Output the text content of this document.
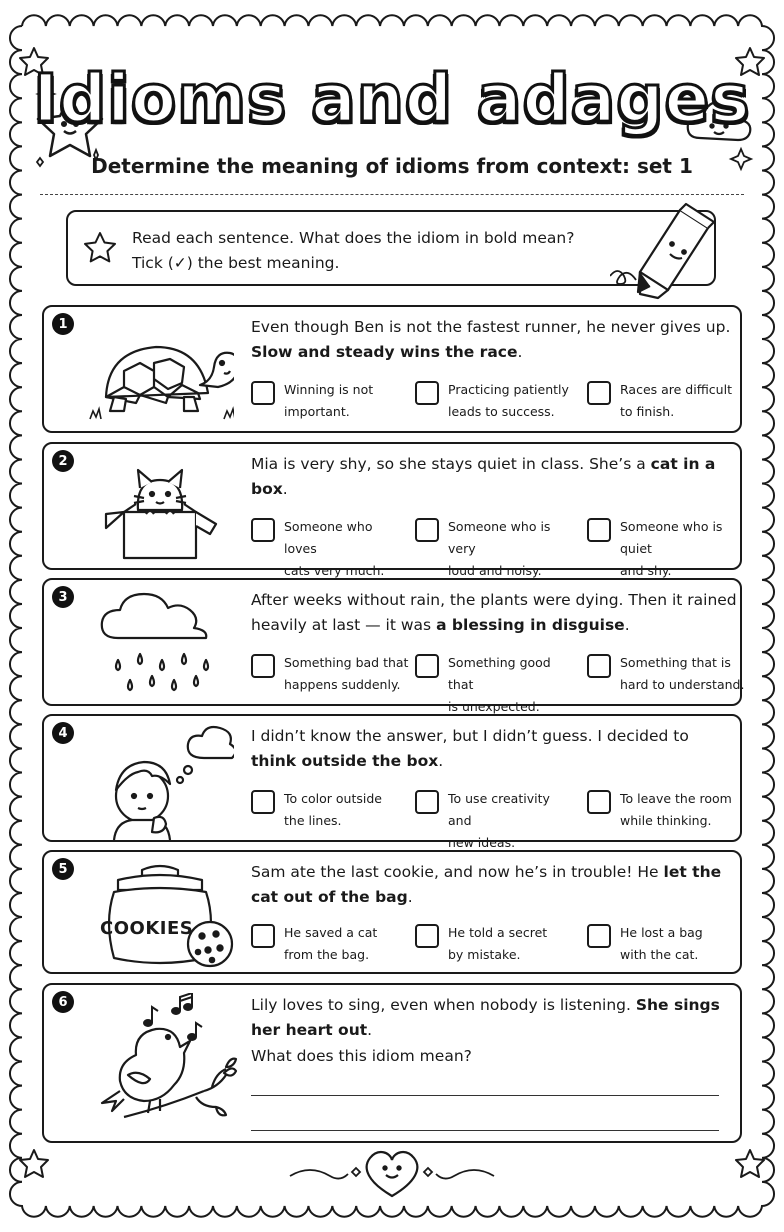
Idioms and adages
Determine the meaning of idioms from context: set 1
Read each sentence. What does the idiom in bold mean?
Tick (✓) the best meaning.
1	Even though Ben is not the fastest runner, he never gives up.
Slow and steady wins the race.
Winning is not
important.
Practicing patiently
leads to success.
Races are difficult
to finish.
2	Mia is very shy, so she stays quiet in class. She’s a cat in a box.
Someone who loves
cats very much.
Someone who is very
loud and noisy.
Someone who is quiet
and shy.
3	After weeks without rain, the plants were dying. Then it rained heavily at last — it was a blessing in disguise.
Something bad that
happens suddenly.
Something good that
is unexpected.
Something that is
hard to understand.
4	I didn’t know the answer, but I didn’t guess. I decided to
think outside the box.
To color outside
the lines.
To use creativity and
new ideas.
To leave the room
while thinking.
5
COOKIES
Sam ate the last cookie, and now he’s in trouble! He let the cat out of the bag.
He saved a cat
from the bag.
He told a secret
by mistake.
He lost a bag
with the cat.
6	Lily loves to sing, even when nobody is listening. She sings her heart out.
What does this idiom mean?
